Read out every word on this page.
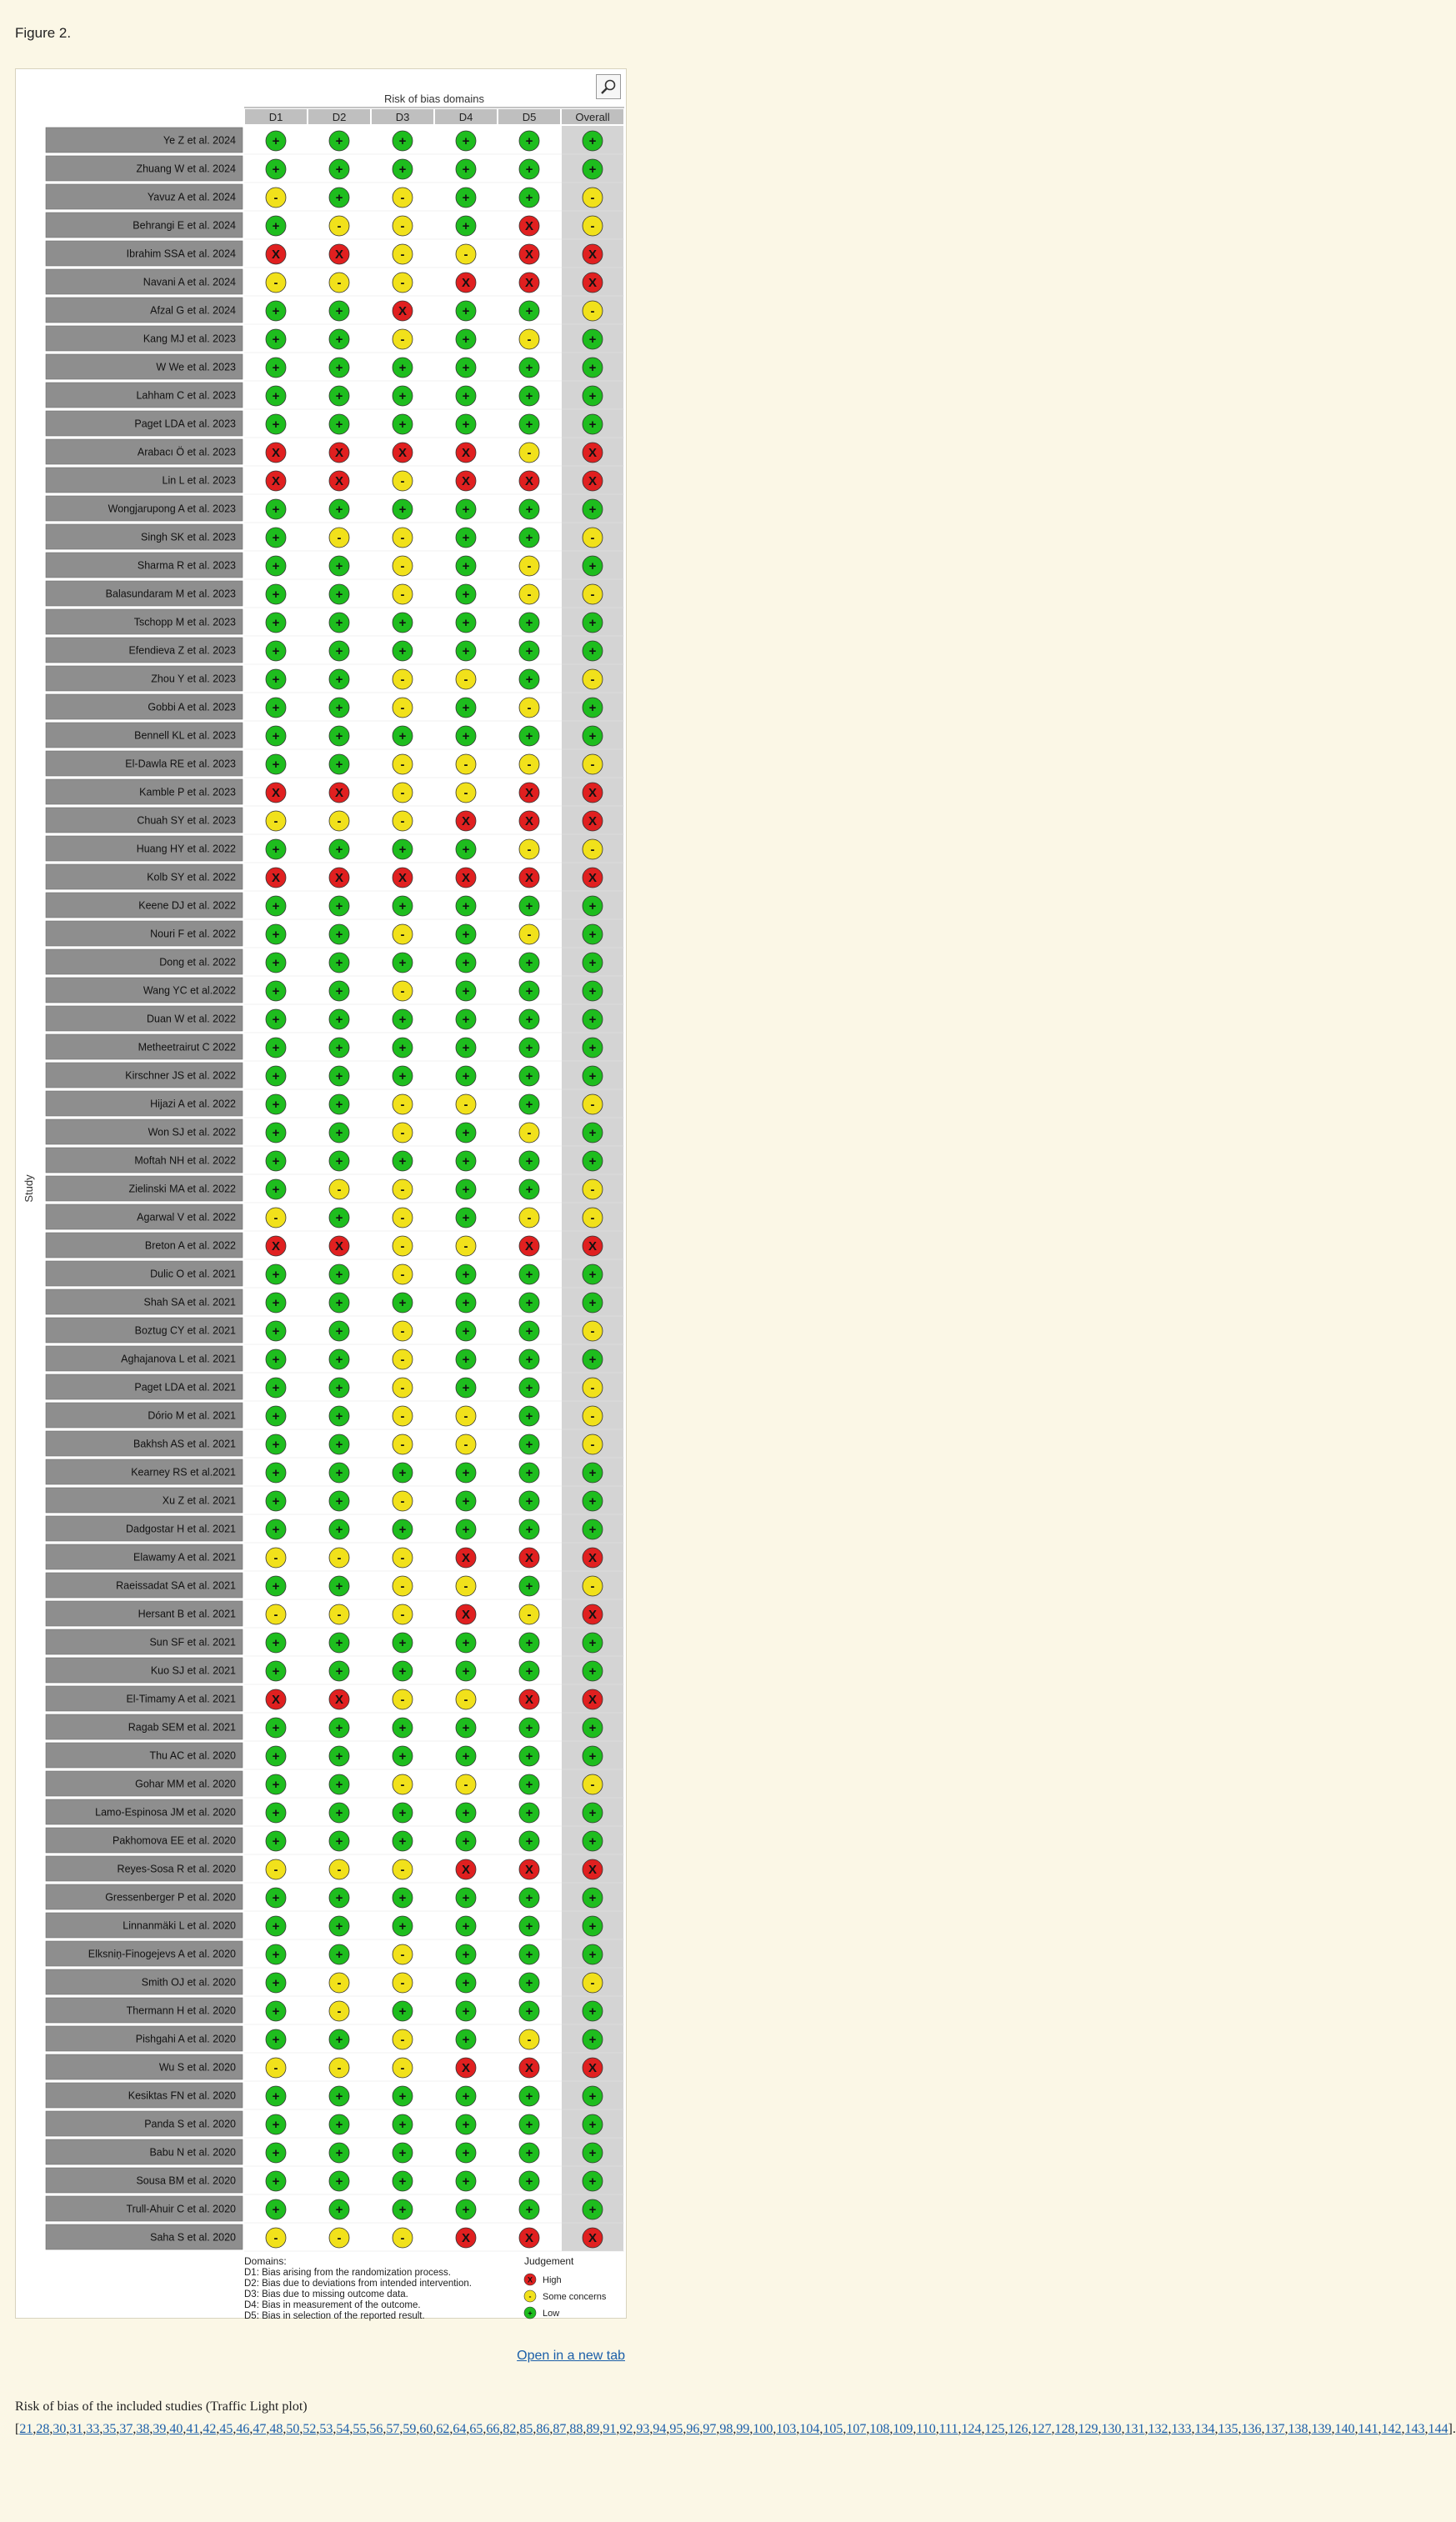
Figure 2.
Risk of bias domains
D1	D2	D3	D4	D5	Overall
Study
Ye Z et al. 2024	+	+	+	+	+	+
Zhuang W et al. 2024	+	+	+	+	+	+
Yavuz A et al. 2024	-	+	-	+	+	-
Behrangi E et al. 2024	+	-	-	+	X	-
Ibrahim SSA et al. 2024	X	X	-	-	X	X
Navani A et al. 2024	-	-	-	X	X	X
Afzal G et al. 2024	+	+	X	+	+	-
Kang MJ et al. 2023	+	+	-	+	-	+
W We et al. 2023	+	+	+	+	+	+
Lahham C et al. 2023	+	+	+	+	+	+
Paget LDA et al. 2023	+	+	+	+	+	+
Arabacı Ö et al. 2023	X	X	X	X	-	X
Lin L et al. 2023	X	X	-	X	X	X
Wongjarupong A et al. 2023	+	+	+	+	+	+
Singh SK et al. 2023	+	-	-	+	+	-
Sharma R et al. 2023	+	+	-	+	-	+
Balasundaram M et al. 2023	+	+	-	+	-	-
Tschopp M et al. 2023	+	+	+	+	+	+
Efendieva Z et al. 2023	+	+	+	+	+	+
Zhou Y et al. 2023	+	+	-	-	+	-
Gobbi A et al. 2023	+	+	-	+	-	+
Bennell KL et al. 2023	+	+	+	+	+	+
El-Dawla RE et al. 2023	+	+	-	-	-	-
Kamble P et al. 2023	X	X	-	-	X	X
Chuah SY et al. 2023	-	-	-	X	X	X
Huang HY et al. 2022	+	+	+	+	-	-
Kolb SY et al. 2022	X	X	X	X	X	X
Keene DJ et al. 2022	+	+	+	+	+	+
Nouri F et al. 2022	+	+	-	+	-	+
Dong et al. 2022	+	+	+	+	+	+
Wang YC et al.2022	+	+	-	+	+	+
Duan W et al. 2022	+	+	+	+	+	+
Metheetrairut C 2022	+	+	+	+	+	+
Kirschner JS et al. 2022	+	+	+	+	+	+
Hijazi A et al. 2022	+	+	-	-	+	-
Won SJ et al. 2022	+	+	-	+	-	+
Moftah NH et al. 2022	+	+	+	+	+	+
Zielinski MA et al. 2022	+	-	-	+	+	-
Agarwal V et al. 2022	-	+	-	+	-	-
Breton A et al. 2022	X	X	-	-	X	X
Dulic O et al. 2021	+	+	-	+	+	+
Shah SA et al. 2021	+	+	+	+	+	+
Boztug CY et al. 2021	+	+	-	+	+	-
Aghajanova L et al. 2021	+	+	-	+	+	+
Paget LDA et al. 2021	+	+	-	+	+	-
Dório M et al. 2021	+	+	-	-	+	-
Bakhsh AS et al. 2021	+	+	-	-	+	-
Kearney RS et al.2021	+	+	+	+	+	+
Xu Z et al. 2021	+	+	-	+	+	+
Dadgostar H et al. 2021	+	+	+	+	+	+
Elawamy A et al. 2021	-	-	-	X	X	X
Raeissadat SA et al. 2021	+	+	-	-	+	-
Hersant B et al. 2021	-	-	-	X	-	X
Sun SF et al. 2021	+	+	+	+	+	+
Kuo SJ et al. 2021	+	+	+	+	+	+
El-Timamy A et al. 2021	X	X	-	-	X	X
Ragab SEM et al. 2021	+	+	+	+	+	+
Thu AC et al. 2020	+	+	+	+	+	+
Gohar MM et al. 2020	+	+	-	-	+	-
Lamo-Espinosa JM et al. 2020	+	+	+	+	+	+
Pakhomova EE et al. 2020	+	+	+	+	+	+
Reyes-Sosa R et al. 2020	-	-	-	X	X	X
Gressenberger P et al. 2020	+	+	+	+	+	+
Linnanmäki L et al. 2020	+	+	+	+	+	+
Elksniņ-Finogejevs A et al. 2020	+	+	-	+	+	+
Smith OJ et al. 2020	+	-	-	+	+	-
Thermann H et al. 2020	+	-	+	+	+	+
Pishgahi A et al. 2020	+	+	-	+	-	+
Wu S et al. 2020	-	-	-	X	X	X
Kesiktas FN et al. 2020	+	+	+	+	+	+
Panda S et al. 2020	+	+	+	+	+	+
Babu N et al. 2020	+	+	+	+	+	+
Sousa BM et al. 2020	+	+	+	+	+	+
Trull-Ahuir C et al. 2020	+	+	+	+	+	+
Saha S et al. 2020	-	-	-	X	X	X
Domains:
D1: Bias arising from the randomization process.
D2: Bias due to deviations from intended intervention.
D3: Bias due to missing outcome data.
D4: Bias in measurement of the outcome.
D5: Bias in selection of the reported result.
Judgement
X High
- Some concerns
+ Low
Open in a new tab
Risk of bias of the included studies (Traffic Light plot)
[21,28,30,31,33,35,37,38,39,40,41,42,45,46,47,48,50,52,53,54,55,56,57,59,60,62,64,65,66,82,85,86,87,88,89,91,92,93,94,95,96,97,98,99,100,103,104,105,107,108,109,110,111,124,125,126,127,128,129,130,131,132,133,134,135,136,137,138,139,140,141,142,143,144].
